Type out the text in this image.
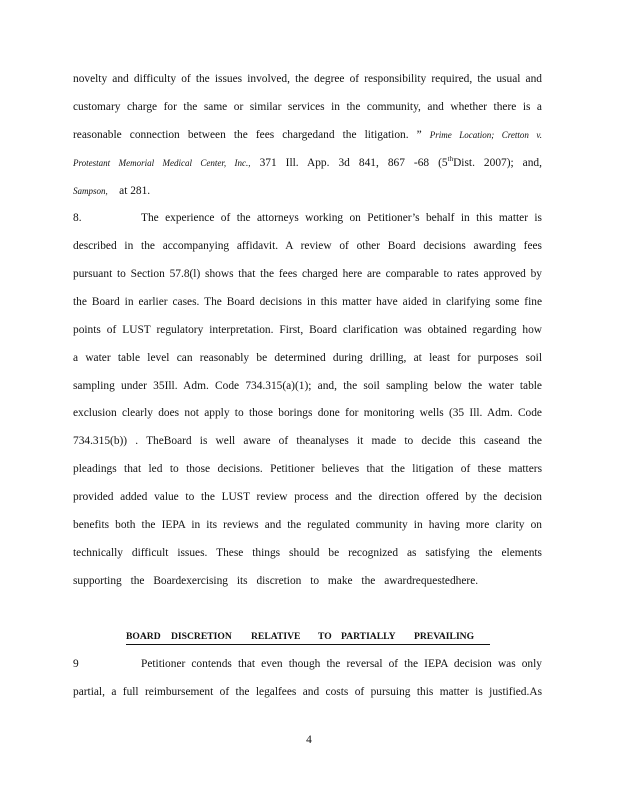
novelty and difficulty of the issues involved, the degree of responsibility required, the usual and
customary charge for the same or similar services in the community, and whether there is a
reasonable connection between the fees chargedand the litigation. ” Prime Location; Cretton v.
Protestant Memorial Medical Center, Inc., 371 Ill. App. 3d 841, 867 -68 (5thDist. 2007); and,
Sampson, at 281.
8.	The experience of the attorneys working on Petitioner’s behalf in this matter is
described in the accompanying affidavit. A review of other Board decisions awarding fees
pursuant to Section 57.8(l) shows that the fees charged here are comparable to rates approved by
the Board in earlier cases. The Board decisions in this matter have aided in clarifying some fine
points of LUST regulatory interpretation. First, Board clarification was obtained regarding how
a water table level can reasonably be determined during drilling, at least for purposes soil
sampling under 35Ill. Adm. Code 734.315(a)(1); and, the soil sampling below the water table
exclusion clearly does not apply to those borings done for monitoring wells (35 Ill. Adm. Code
734.315(b)) . TheBoard is well aware of theanalyses it made to decide this caseand the
pleadings that led to those decisions. Petitioner believes that the litigation of these matters
provided added value to the LUST review process and the direction offered by the decision
benefits both the IEPA in its reviews and the regulated community in having more clarity on
technically difficult issues. These things should be recognized as satisfying the elements
supporting the Boardexercising its discretion to make the awardrequestedhere.
BOARD DISCRETION RELATIVE TO PARTIALLY PREVAILING
9	Petitioner contends that even though the reversal of the IEPA decision was only
partial, a full reimbursement of the legalfees and costs of pursuing this matter is justified.As
4
